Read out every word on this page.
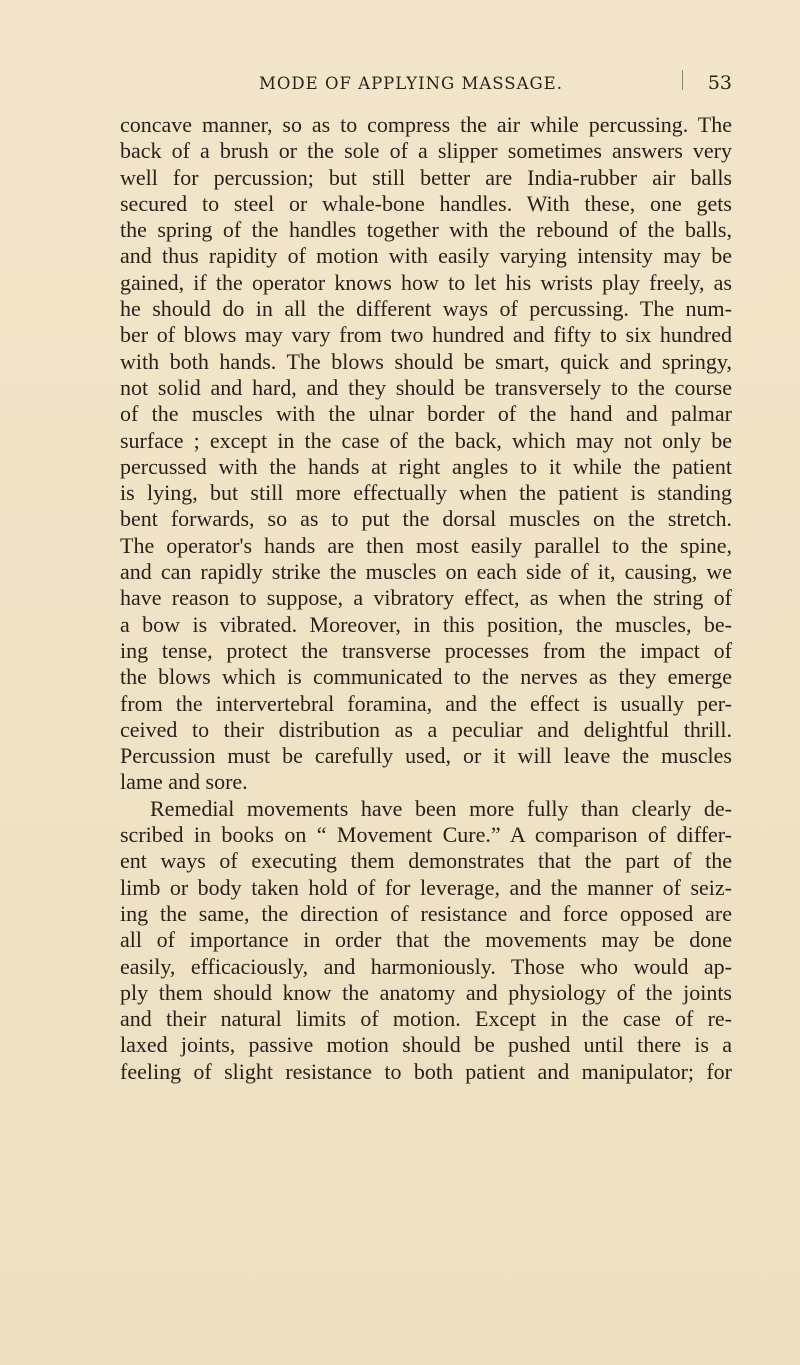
MODE OF APPLYING MASSAGE.	53
concave manner, so as to compress the air while percussing. The
back of a brush or the sole of a slipper sometimes answers very
well for percussion; but still better are India-rubber air balls
secured to steel or whale-bone handles. With these, one gets
the spring of the handles together with the rebound of the balls,
and thus rapidity of motion with easily varying intensity may be
gained, if the operator knows how to let his wrists play freely, as
he should do in all the different ways of percussing. The num-
ber of blows may vary from two hundred and fifty to six hundred
with both hands. The blows should be smart, quick and springy,
not solid and hard, and they should be transversely to the course
of the muscles with the ulnar border of the hand and palmar
surface ; except in the case of the back, which may not only be
percussed with the hands at right angles to it while the patient
is lying, but still more effectually when the patient is standing
bent forwards, so as to put the dorsal muscles on the stretch.
The operator's hands are then most easily parallel to the spine,
and can rapidly strike the muscles on each side of it, causing, we
have reason to suppose, a vibratory effect, as when the string of
a bow is vibrated. Moreover, in this position, the muscles, be-
ing tense, protect the transverse processes from the impact of
the blows which is communicated to the nerves as they emerge
from the intervertebral foramina, and the effect is usually per-
ceived to their distribution as a peculiar and delightful thrill.
Percussion must be carefully used, or it will leave the muscles
lame and sore.
Remedial movements have been more fully than clearly de-
scribed in books on “ Movement Cure.” A comparison of differ-
ent ways of executing them demonstrates that the part of the
limb or body taken hold of for leverage, and the manner of seiz-
ing the same, the direction of resistance and force opposed are
all of importance in order that the movements may be done
easily, efficaciously, and harmoniously. Those who would ap-
ply them should know the anatomy and physiology of the joints
and their natural limits of motion. Except in the case of re-
laxed joints, passive motion should be pushed until there is a
feeling of slight resistance to both patient and manipulator; for
